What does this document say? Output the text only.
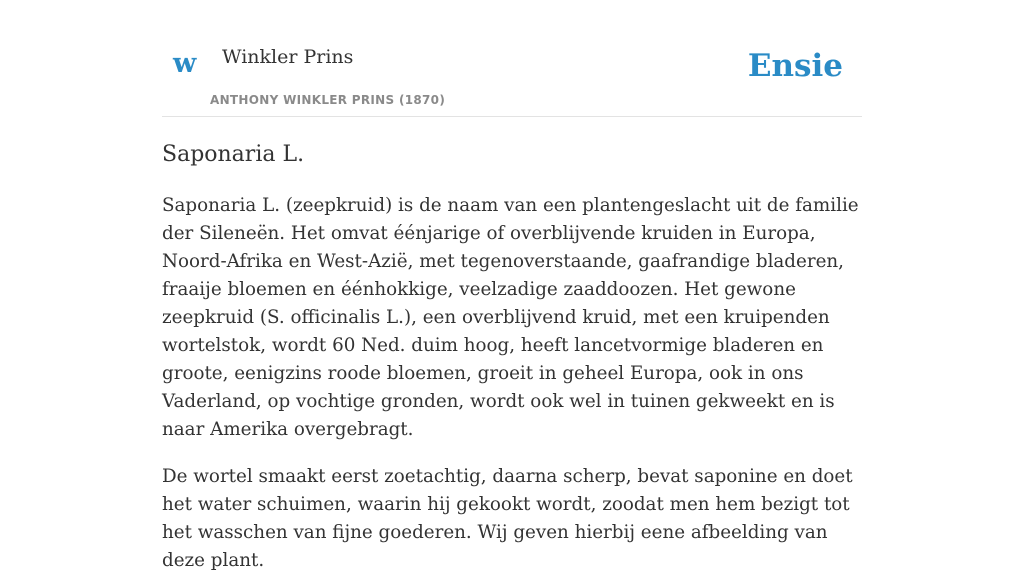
w Winkler Prins
ANTHONY WINKLER PRINS (1870)
Ensie
Saponaria L.

Saponaria L. (zeepkruid) is de naam van een plantengeslacht uit de familie der Sileneën. Het omvat éénjarige of overblijvende kruiden in Europa, Noord-Afrika en West-Azië, met tegenoverstaande, gaafrandige bladeren, fraaije bloemen en éénhokkige, veelzadige zaaddoozen. Het gewone zeepkruid (S. officinalis L.), een overblijvend kruid, met een kruipenden wortelstok, wordt 60 Ned. duim hoog, heeft lancetvormige bladeren en groote, eenigzins roode bloemen, groeit in geheel Europa, ook in ons Vaderland, op vochtige gronden, wordt ook wel in tuinen gekweekt en is naar Amerika overgebragt.

De wortel smaakt eerst zoetachtig, daarna scherp, bevat saponine en doet het water schuimen, waarin hij gekookt wordt, zoodat men hem bezigt tot het wasschen van fijne goederen. Wij geven hierbij eene afbeelding van deze plant.
